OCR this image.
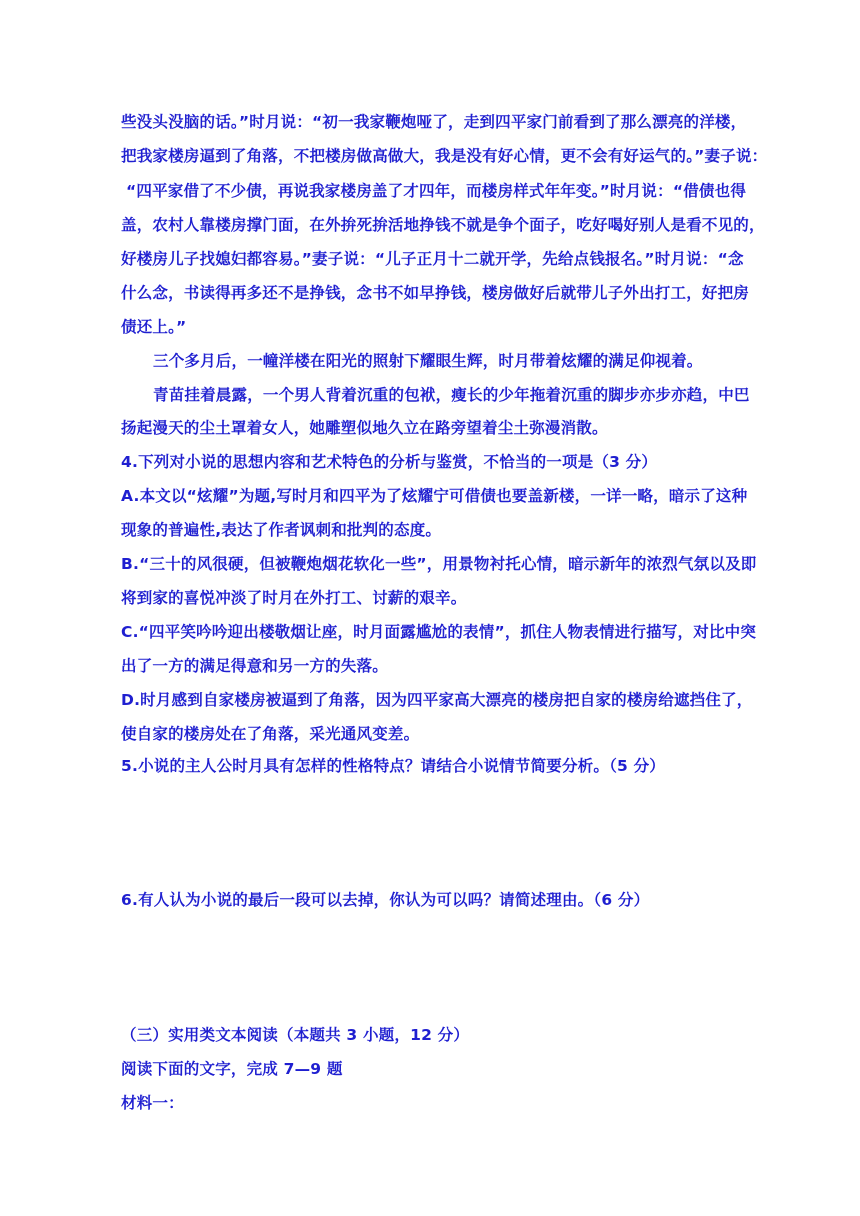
些没头没脑的话。”时月说：“初一我家鞭炮哑了，走到四平家门前看到了那么漂亮的洋楼，
把我家楼房逼到了角落，不把楼房做高做大，我是没有好心情，更不会有好运气的。”妻子说：
“四平家借了不少债，再说我家楼房盖了才四年，而楼房样式年年变。”时月说：“借债也得
盖，农村人靠楼房撑门面，在外拚死拚活地挣钱不就是争个面子，吃好喝好别人是看不见的，
好楼房儿子找媳妇都容易。”妻子说：“儿子正月十二就开学，先给点钱报名。”时月说：“念
什么念，书读得再多还不是挣钱，念书不如早挣钱，楼房做好后就带儿子外出打工，好把房
债还上。”
三个多月后，一幢洋楼在阳光的照射下耀眼生辉，时月带着炫耀的满足仰视着。
青苗挂着晨露，一个男人背着沉重的包袱，瘦长的少年拖着沉重的脚步亦步亦趋，中巴
扬起漫天的尘土罩着女人，她雕塑似地久立在路旁望着尘土弥漫消散。
4.下列对小说的思想内容和艺术特色的分析与鉴赏，不恰当的一项是（3 分）
A.本文以“炫耀”为题,写时月和四平为了炫耀宁可借债也要盖新楼，一详一略，暗示了这种
现象的普遍性,表达了作者讽刺和批判的态度。
B.“三十的风很硬，但被鞭炮烟花软化一些”，用景物衬托心情，暗示新年的浓烈气氛以及即
将到家的喜悦冲淡了时月在外打工、讨薪的艰辛。
C.“四平笑吟吟迎出楼敬烟让座，时月面露尴尬的表情”，抓住人物表情进行描写，对比中突
出了一方的满足得意和另一方的失落。
D.时月感到自家楼房被逼到了角落，因为四平家高大漂亮的楼房把自家的楼房给遮挡住了，
使自家的楼房处在了角落，采光通风变差。
5.小说的主人公时月具有怎样的性格特点？请结合小说情节简要分析。（5 分）
6.有人认为小说的最后一段可以去掉，你认为可以吗？请简述理由。（6 分）
（三）实用类文本阅读（本题共 3 小题，12 分）
阅读下面的文字，完成 7—9 题
材料一：
